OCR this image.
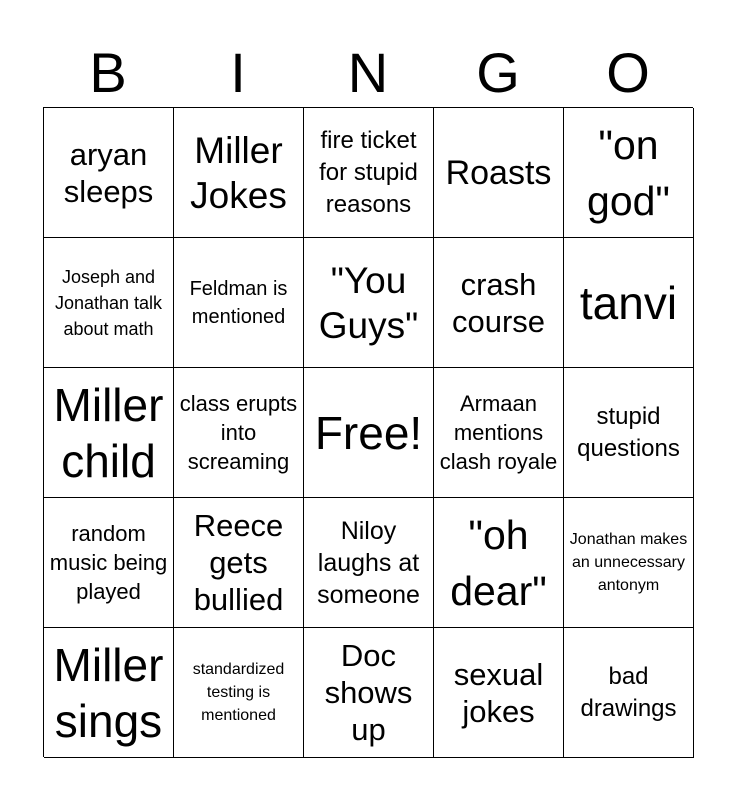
B	I	N	G	O
aryan sleeps
Miller Jokes
fire ticket for stupid reasons
Roasts
"on god"
Joseph and Jonathan talk about math
Feldman is mentioned
"You Guys"
crash course tanvi
Miller child
class erupts into screaming
Free!
Armaan mentions clash royale
stupid questions
random music being played
Reece gets bullied
Niloy laughs at someone
"oh dear"
Jonathan makes an unnecessary antonym
Miller sings
standardized testing is mentioned
Doc shows up
sexual jokes
bad drawings
